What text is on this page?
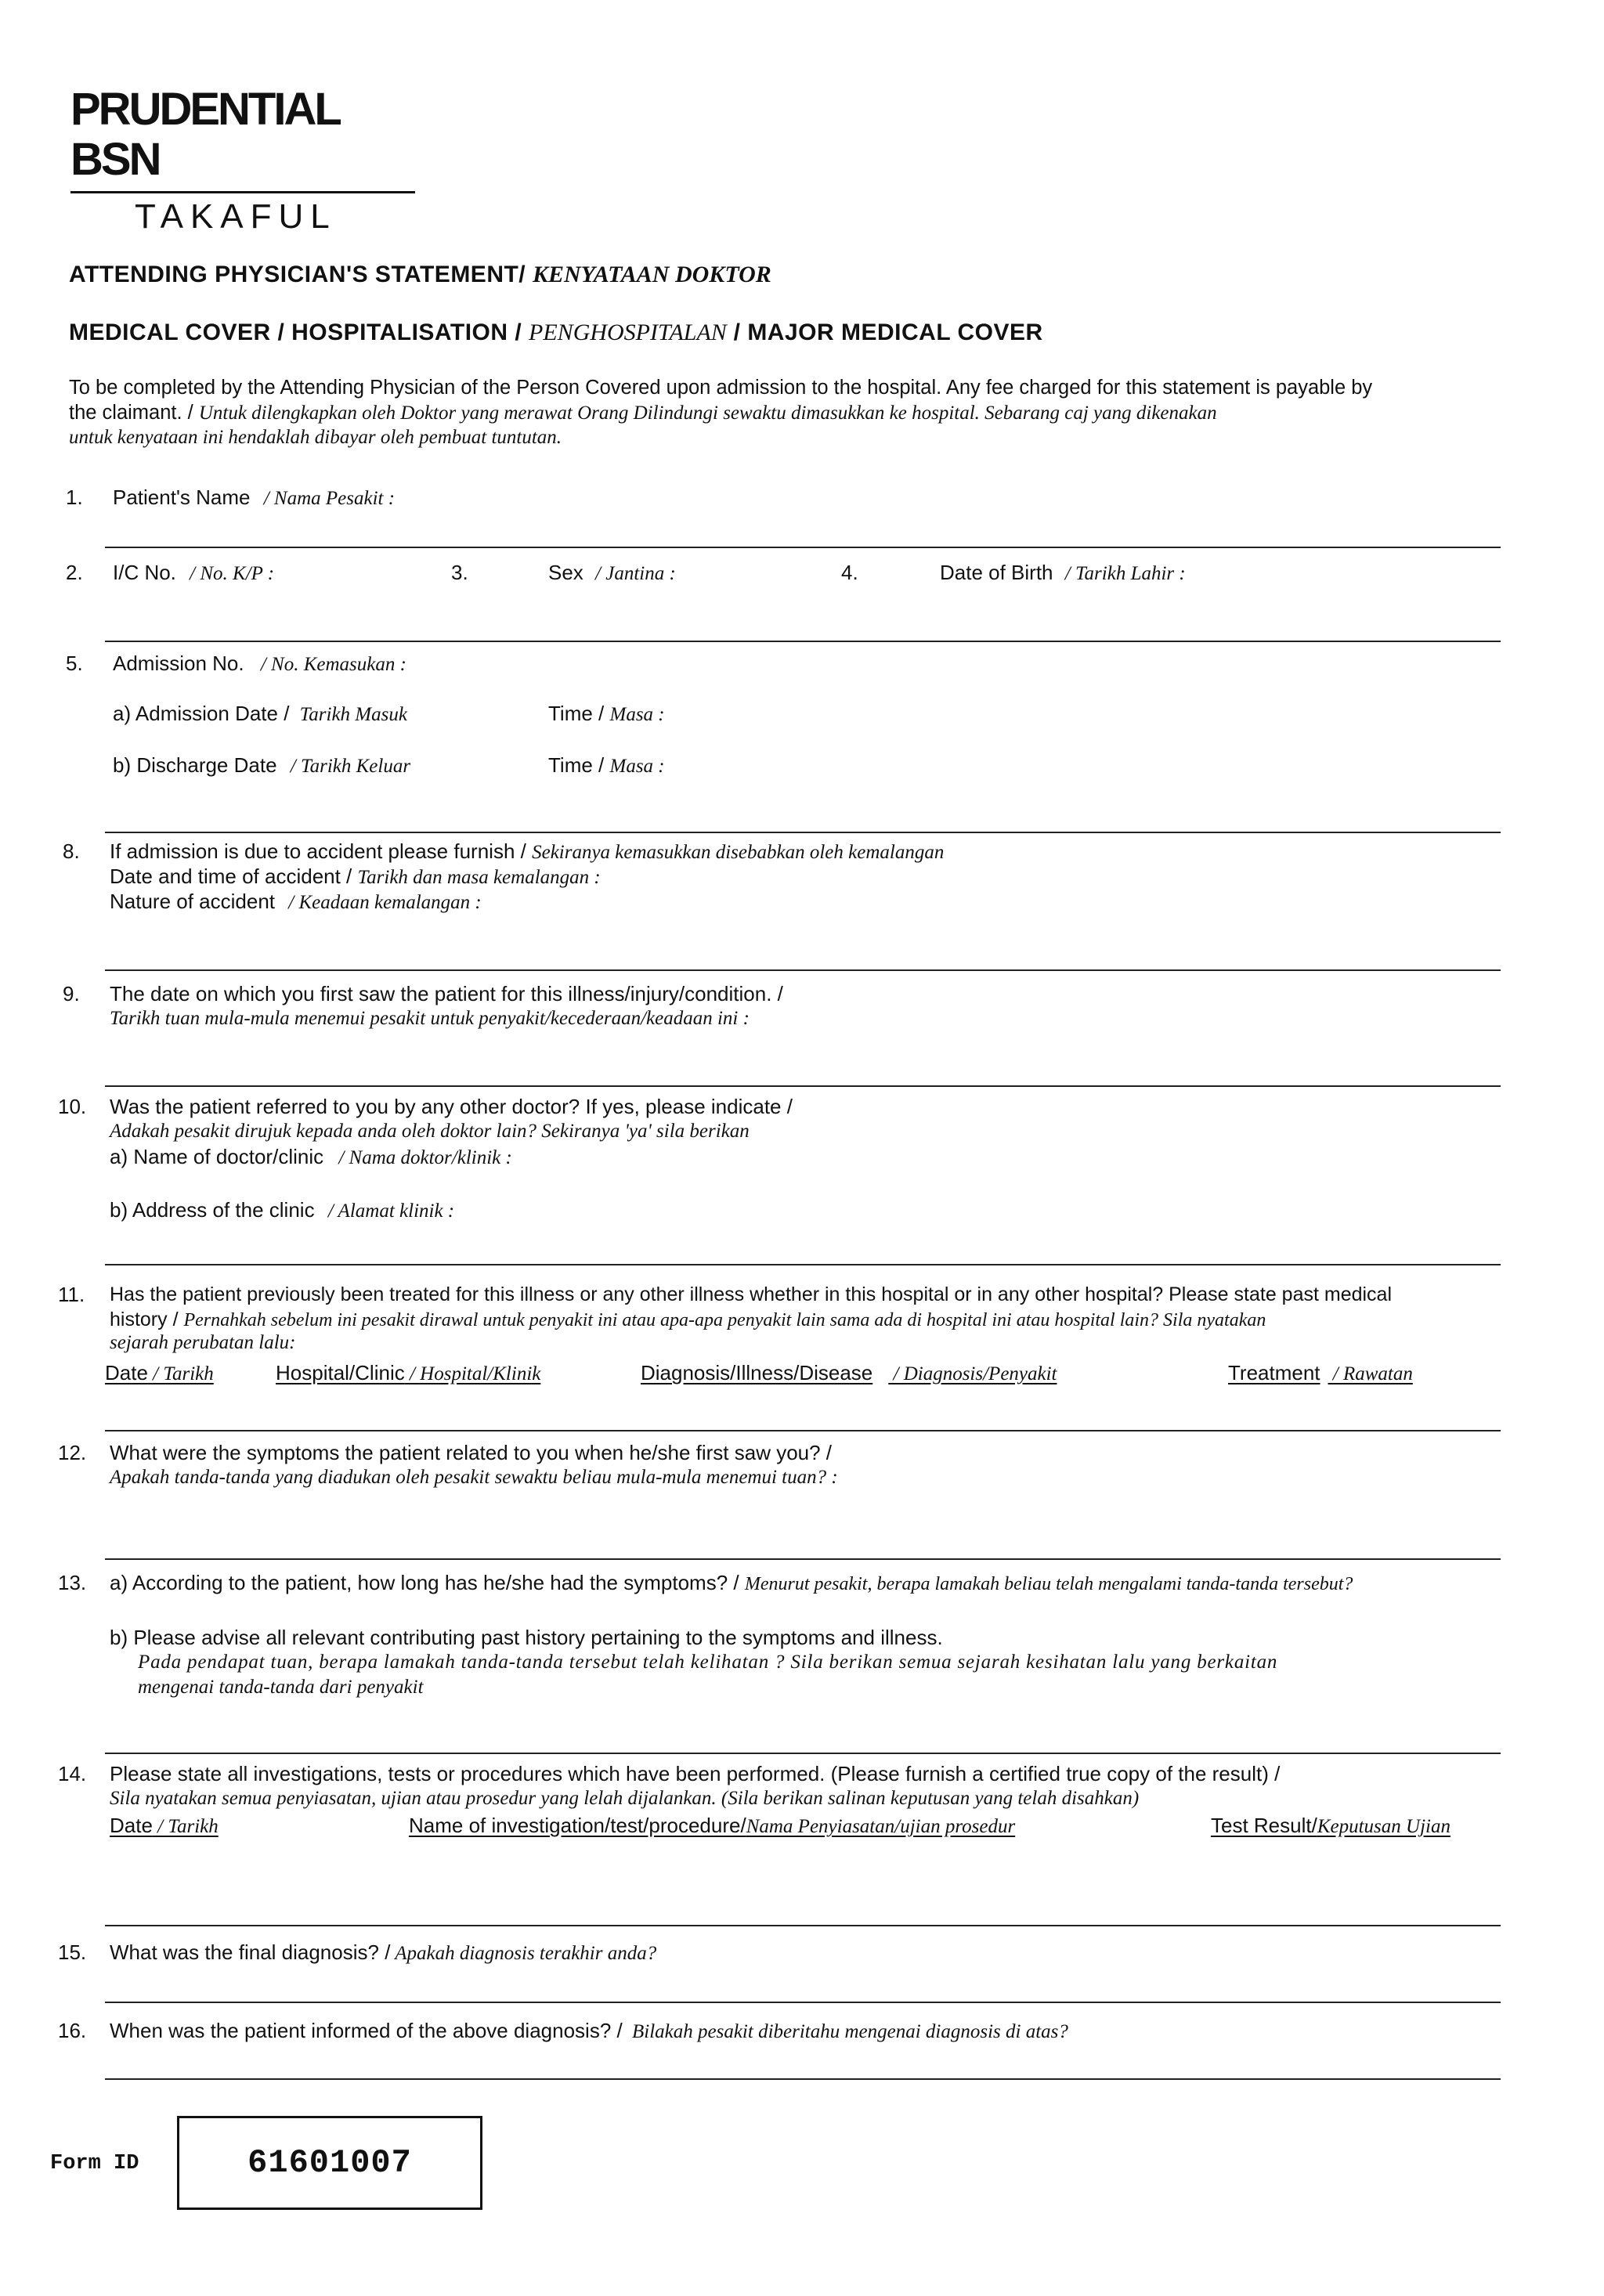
PRUDENTIAL BSN
TAKAFUL
ATTENDING PHYSICIAN'S STATEMENT/ KENYATAAN DOKTOR
MEDICAL COVER / HOSPITALISATION / PENGHOSPITALAN / MAJOR MEDICAL COVER
To be completed by the Attending Physician of the Person Covered upon admission to the hospital. Any fee charged for this statement is payable by
the claimant. / Untuk dilengkapkan oleh Doktor yang merawat Orang Dilindungi sewaktu dimasukkan ke hospital. Sebarang caj yang dikenakan
untuk kenyataan ini hendaklah dibayar oleh pembuat tuntutan.
1. Patient's Name / Nama Pesakit :
2. I/C No. / No. K/P :	3.	Sex / Jantina :	4.	Date of Birth / Tarikh Lahir :
5. Admission No. / No. Kemasukan :
a) Admission Date / Tarikh Masuk	Time / Masa :
b) Discharge Date / Tarikh Keluar	Time / Masa :
8. If admission is due to accident please furnish / Sekiranya kemasukkan disebabkan oleh kemalangan
Date and time of accident / Tarikh dan masa kemalangan :
Nature of accident / Keadaan kemalangan :
9. The date on which you first saw the patient for this illness/injury/condition. /
Tarikh tuan mula-mula menemui pesakit untuk penyakit/kecederaan/keadaan ini :
10. Was the patient referred to you by any other doctor? If yes, please indicate /
Adakah pesakit dirujuk kepada anda oleh doktor lain? Sekiranya 'ya' sila berikan
a) Name of doctor/clinic / Nama doktor/klinik :
b) Address of the clinic / Alamat klinik :
11. Has the patient previously been treated for this illness or any other illness whether in this hospital or in any other hospital? Please state past medical
history / Pernahkah sebelum ini pesakit dirawal untuk penyakit ini atau apa-apa penyakit lain sama ada di hospital ini atau hospital lain? Sila nyatakan
sejarah perubatan lalu:
Date / Tarikh	Hospital/Clinic / Hospital/Klinik	Diagnosis/Illness/Disease / Diagnosis/Penyakit	Treatment / Rawatan
12. What were the symptoms the patient related to you when he/she first saw you? /
Apakah tanda-tanda yang diadukan oleh pesakit sewaktu beliau mula-mula menemui tuan? :
13. a) According to the patient, how long has he/she had the symptoms? / Menurut pesakit, berapa lamakah beliau telah mengalami tanda-tanda tersebut?
b) Please advise all relevant contributing past history pertaining to the symptoms and illness.
Pada pendapat tuan, berapa lamakah tanda-tanda tersebut telah kelihatan ? Sila berikan semua sejarah kesihatan lalu yang berkaitan
mengenai tanda-tanda dari penyakit
14. Please state all investigations, tests or procedures which have been performed. (Please furnish a certified true copy of the result) /
Sila nyatakan semua penyiasatan, ujian atau prosedur yang lelah dijalankan. (Sila berikan salinan keputusan yang telah disahkan)
Date / Tarikh	Name of investigation/test/procedure/Nama Penyiasatan/ujian prosedur	Test Result/Keputusan Ujian
15. What was the final diagnosis? / Apakah diagnosis terakhir anda?
16. When was the patient informed of the above diagnosis? / Bilakah pesakit diberitahu mengenai diagnosis di atas?
Form ID	61601007
